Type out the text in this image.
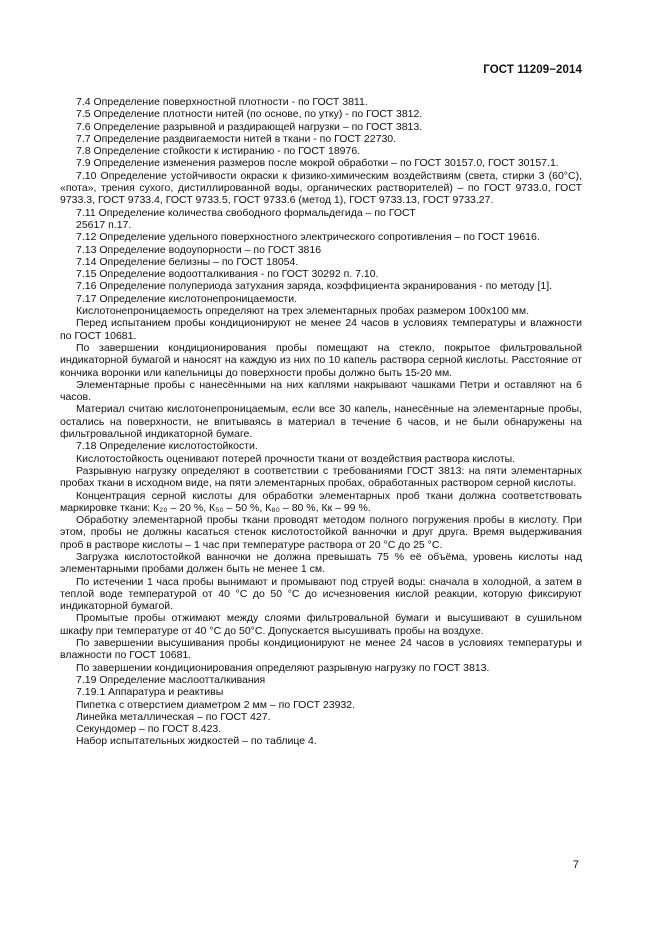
ГОСТ 11209−2014

7.4 Определение поверхностной плотности - по ГОСТ 3811.

7.5 Определение плотности нитей (по основе, по утку) - по ГОСТ 3812.

7.6 Определение разрывной и раздирающей нагрузки – по ГОСТ 3813.

7.7 Определение раздвигаемости нитей в ткани - по ГОСТ 22730.

7.8 Определение стойкости к истиранию - по ГОСТ 18976.

7.9 Определение изменения размеров после мокрой обработки – по ГОСТ 30157.0, ГОСТ 30157.1.

7.10 Определение устойчивости окраски к физико-химическим воздействиям (света, стирки 3 (60°С), «пота», трения сухого, дистиллированной воды, органических растворителей) – по ГОСТ 9733.0, ГОСТ 9733.3, ГОСТ 9733.4, ГОСТ 9733.5, ГОСТ 9733.6 (метод 1), ГОСТ 9733.13, ГОСТ 9733.27.

7.11 Определение количества свободного формальдегида – по ГОСТ

25617 п.17.

7.12 Определение удельного поверхностного электрического сопротивления – по ГОСТ 19616.

7.13 Определение водоупорности – по ГОСТ 3816

7.14 Определение белизны – по ГОСТ 18054.

7.15 Определение водоотталкивания - по ГОСТ 30292 п. 7.10.

7.16 Определение полупериода затухания заряда, коэффициента экранирования - по методу [1].

7.17 Определение кислотонепроницаемости.

Кислотонепроницаемость определяют на трех элементарных пробах размером 100x100 мм.

Перед испытанием пробы кондиционируют не менее 24 часов в условиях температуры и влажности по ГОСТ 10681.

По завершении кондиционирования пробы помещают на стекло, покрытое фильтровальной индикаторной бумагой и наносят на каждую из них по 10 капель раствора серной кислоты. Расстояние от кончика воронки или капельницы до поверхности пробы должно быть 15-20 мм.

Элементарные пробы с нанесёнными на них каплями накрывают чашками Петри и оставляют на 6 часов.

Материал считаю кислотонепроницаемым, если все 30 капель, нанесённые на элементарные пробы, остались на поверхности, не впитываясь в материал в течение 6 часов, и не были обнаружены на фильтровальной индикаторной бумаге.

7.18 Определение кислотостойкости.

Кислотостойкость оценивают потерей прочности ткани от воздействия раствора кислоты.

Разрывную нагрузку определяют в соответствии с требованиями ГОСТ 3813: на пяти элементарных пробах ткани в исходном виде, на пяти элементарных пробах, обработанных раствором серной кислоты.

Концентрация серной кислоты для обработки элементарных проб ткани должна соответствовать маркировке ткани: К₂₀ – 20 %, К₅₀ – 50 %, К₈₀ – 80 %, Кк – 99 %.

Обработку элементарной пробы ткани проводят методом полного погружения пробы в кислоту. При этом, пробы не должны касаться стенок кислотостойкой ванночки и друг друга. Время выдерживания проб в растворе кислоты – 1 час при температуре раствора от 20 °С до 25 °С.

Загрузка кислотостойкой ванночки не должна превышать 75 % её объёма, уровень кислоты над элементарными пробами должен быть не менее 1 см.

По истечении 1 часа пробы вынимают и промывают под струей воды: сначала в холодной, а затем в теплой воде температурой от 40 °С до 50 °С до исчезновения кислой реакции, которую фиксируют индикаторной бумагой.

Промытые пробы отжимают между слоями фильтровальной бумаги и высушивают в сушильном шкафу при температуре от 40 °С до 50°С. Допускается высушивать пробы на воздухе.

По завершении высушивания пробы кондиционируют не менее 24 часов в условиях температуры и влажности по ГОСТ 10681.

По завершении кондиционирования определяют разрывную нагрузку по ГОСТ 3813.

7.19 Определение маслоотталкивания

7.19.1 Аппаратура и реактивы

Пипетка с отверстием диаметром 2 мм – по ГОСТ 23932.

Линейка металлическая – по ГОСТ 427.

Секундомер – по ГОСТ 8.423.

Набор испытательных жидкостей – по таблице 4.

7
